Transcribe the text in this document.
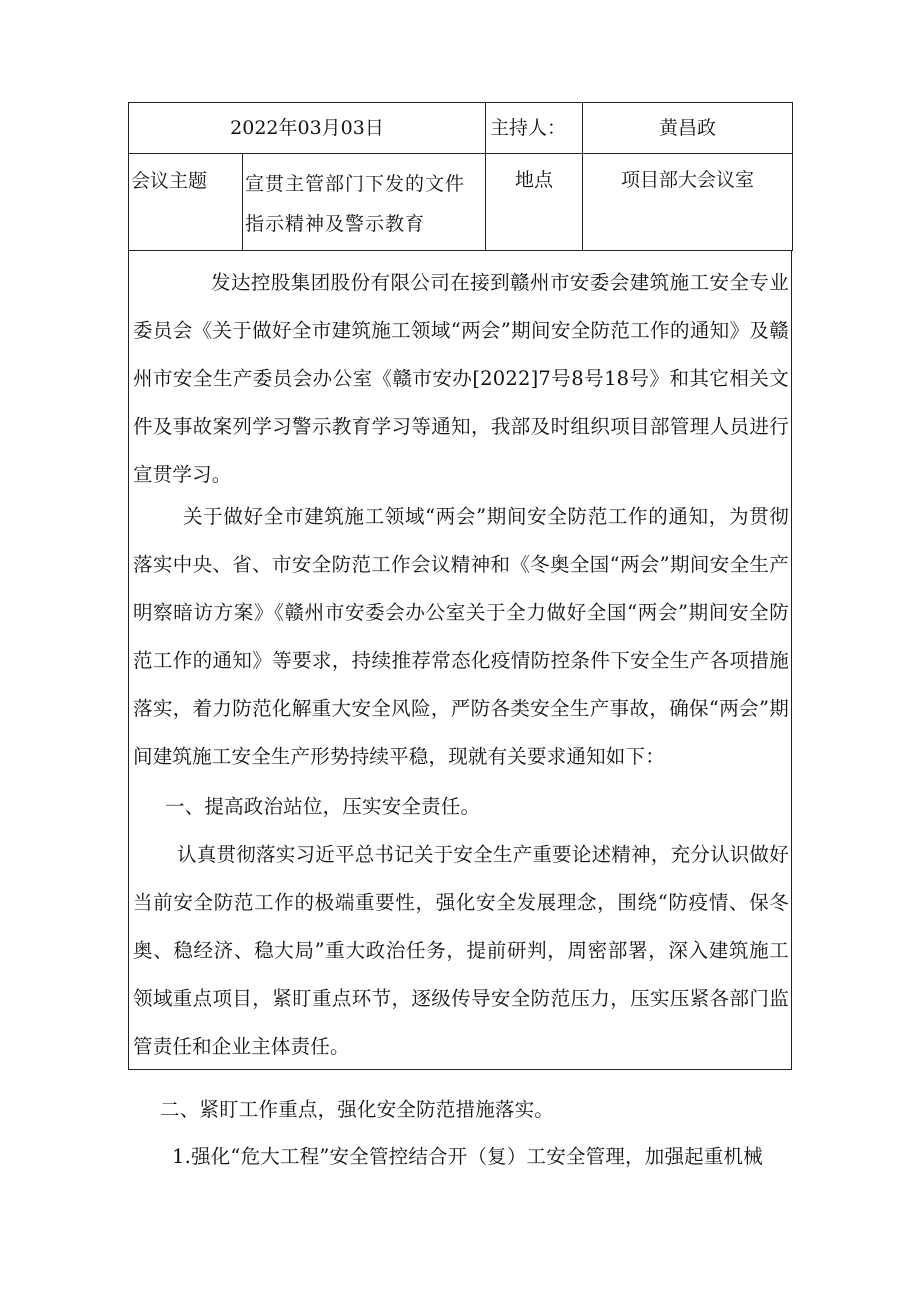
2022年03月03日		主持人：	黄昌政
会议主题	宣贯主管部门下发的文件指示精神及警示教育	地点	项目部大会议室
发达控股集团股份有限公司在接到赣州市安委会建筑施工安全专业委员会《关于做好全市建筑施工领域“两会”期间安全防范工作的通知》及赣州市安全生产委员会办公室《赣市安办[2022]7号8号18号》和其它相关文件及事故案列学习警示教育学习等通知，我部及时组织项目部管理人员进行宣贯学习。
关于做好全市建筑施工领域“两会”期间安全防范工作的通知，为贯彻落实中央、省、市安全防范工作会议精神和《冬奥全国“两会”期间安全生产明察暗访方案》《赣州市安委会办公室关于全力做好全国“两会”期间安全防范工作的通知》等要求，持续推荐常态化疫情防控条件下安全生产各项措施落实，着力防范化解重大安全风险，严防各类安全生产事故，确保“两会”期间建筑施工安全生产形势持续平稳，现就有关要求通知如下：
一、提高政治站位，压实安全责任。
认真贯彻落实习近平总书记关于安全生产重要论述精神，充分认识做好当前安全防范工作的极端重要性，强化安全发展理念，围绕“防疫情、保冬奥、稳经济、稳大局”重大政治任务，提前研判，周密部署，深入建筑施工领域重点项目，紧盯重点环节，逐级传导安全防范压力，压实压紧各部门监管责任和企业主体责任。
二、紧盯工作重点，强化安全防范措施落实。
1.强化“危大工程”安全管控结合开（复）工安全管理，加强起重机械
